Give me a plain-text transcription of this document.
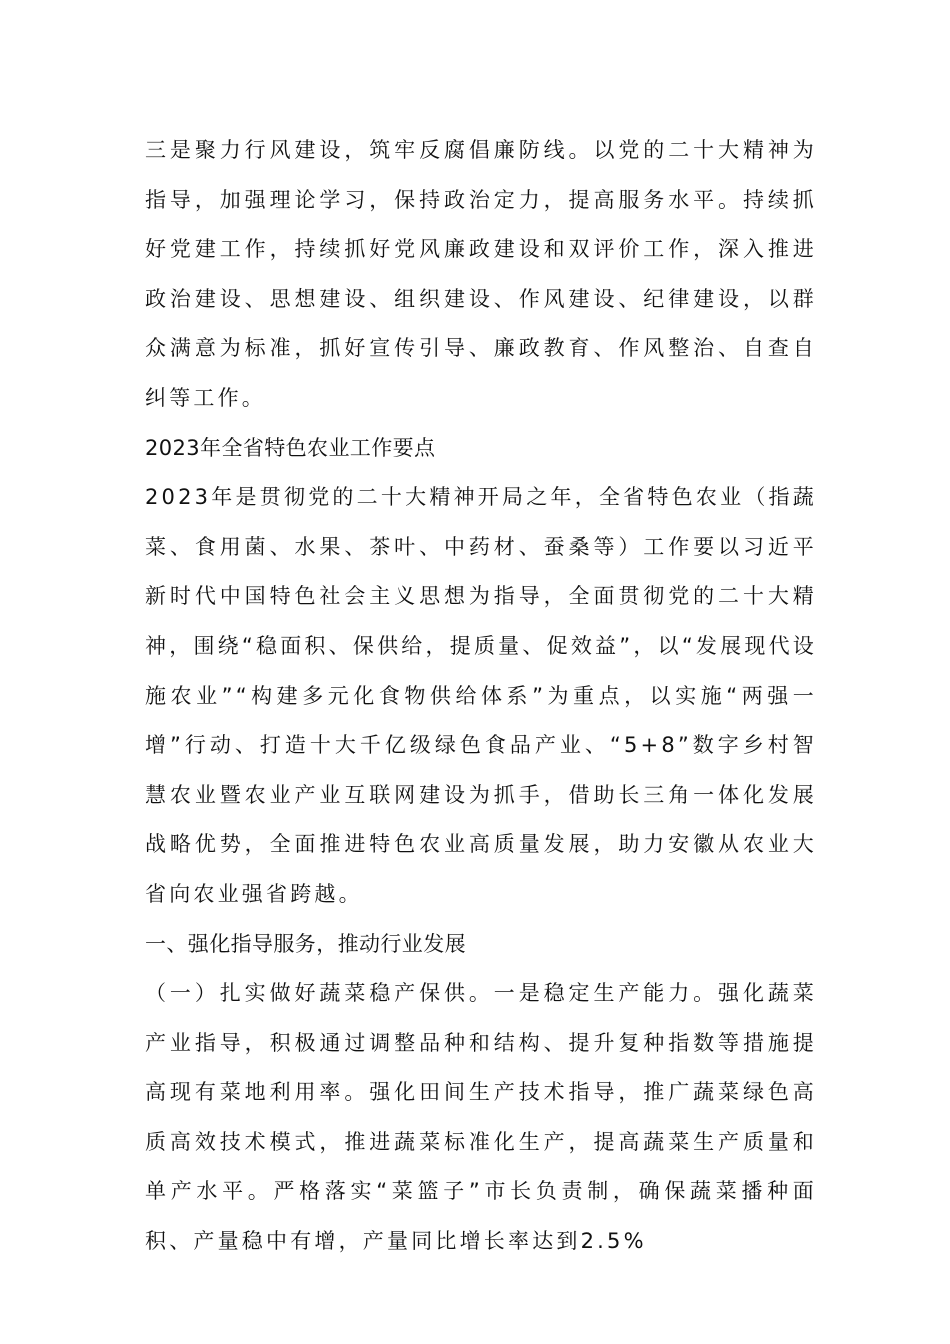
三是聚力行风建设，筑牢反腐倡廉防线。以党的二十大精神为指导，加强理论学习，保持政治定力，提高服务水平。持续抓好党建工作，持续抓好党风廉政建设和双评价工作，深入推进政治建设、思想建设、组织建设、作风建设、纪律建设，以群众满意为标准，抓好宣传引导、廉政教育、作风整治、自查自纠等工作。

2023年全省特色农业工作要点

2023年是贯彻党的二十大精神开局之年，全省特色农业（指蔬菜、食用菌、水果、茶叶、中药材、蚕桑等）工作要以习近平新时代中国特色社会主义思想为指导，全面贯彻党的二十大精神，围绕“稳面积、保供给，提质量、促效益”，以“发展现代设施农业”“构建多元化食物供给体系”为重点，以实施“两强一增”行动、打造十大千亿级绿色食品产业、“5+8”数字乡村智慧农业暨农业产业互联网建设为抓手，借助长三角一体化发展战略优势，全面推进特色农业高质量发展，助力安徽从农业大省向农业强省跨越。

一、强化指导服务，推动行业发展

（一）扎实做好蔬菜稳产保供。一是稳定生产能力。强化蔬菜产业指导，积极通过调整品种和结构、提升复种指数等措施提高现有菜地利用率。强化田间生产技术指导，推广蔬菜绿色高质高效技术模式，推进蔬菜标准化生产，提高蔬菜生产质量和单产水平。严格落实“菜篮子”市长负责制，确保蔬菜播种面积、产量稳中有增，产量同比增长率达到2.5%
